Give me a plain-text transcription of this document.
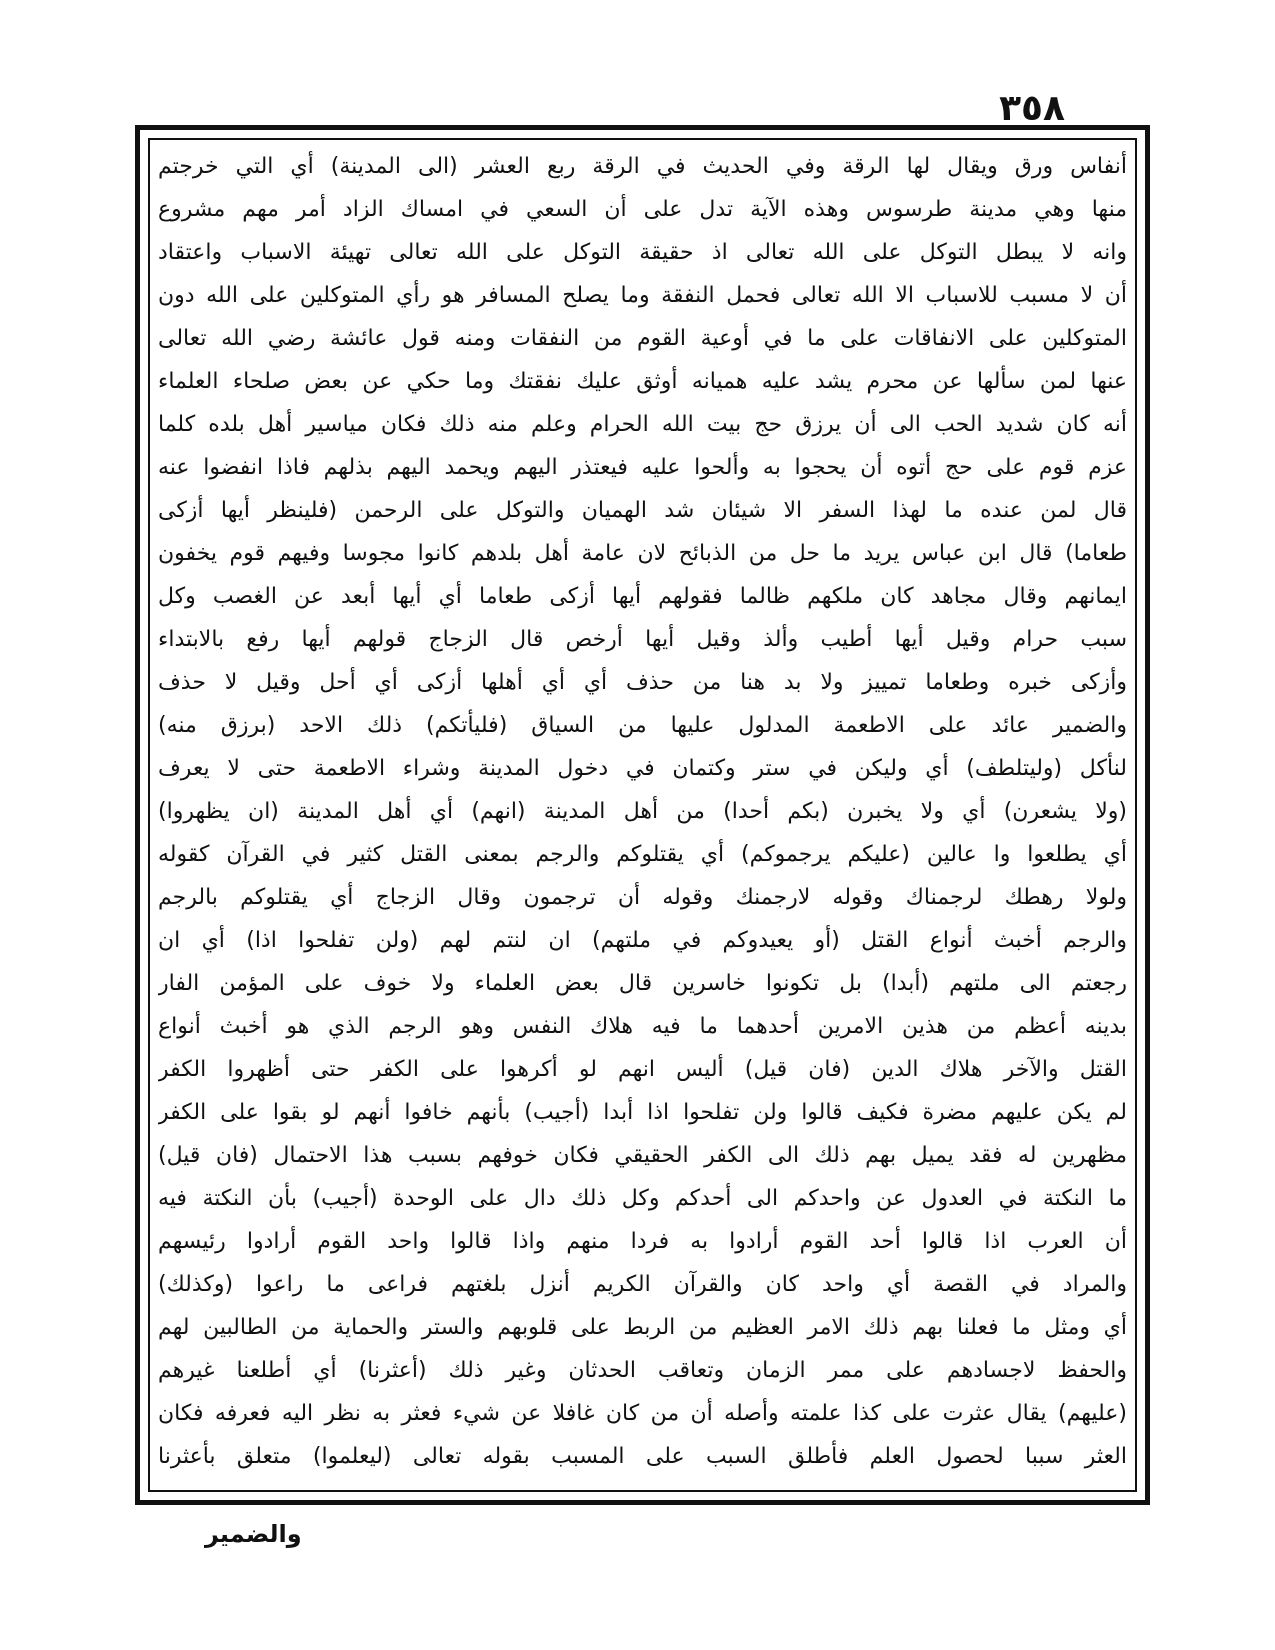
٣٥٨
أنفاس ورق ويقال لها الرقة وفي الحديث في الرقة ربع العشر (الى المدينة) أي التي خرجتم
منها وهي مدينة طرسوس وهذه الآية تدل على أن السعي في امساك الزاد أمر مهم مشروع
وانه لا يبطل التوكل على الله تعالى اذ حقيقة التوكل على الله تعالى تهيئة الاسباب واعتقاد
أن لا مسبب للاسباب الا الله تعالى فحمل النفقة وما يصلح المسافر هو رأي المتوكلين على الله دون
المتوكلين على الانفاقات على ما في أوعية القوم من النفقات ومنه قول عائشة رضي الله تعالى
عنها لمن سألها عن محرم يشد عليه هميانه أوثق عليك نفقتك وما حكي عن بعض صلحاء العلماء
أنه كان شديد الحب الى أن يرزق حج بيت الله الحرام وعلم منه ذلك فكان مياسير أهل بلده كلما
عزم قوم على حج أتوه أن يحجوا به وألحوا عليه فيعتذر اليهم ويحمد اليهم بذلهم فاذا انفضوا عنه
قال لمن عنده ما لهذا السفر الا شيئان شد الهميان والتوكل على الرحمن (فلينظر أيها أزكى
طعاما) قال ابن عباس يريد ما حل من الذبائح لان عامة أهل بلدهم كانوا مجوسا وفيهم قوم يخفون
ايمانهم وقال مجاهد كان ملكهم ظالما فقولهم أيها أزكى طعاما أي أيها أبعد عن الغصب وكل
سبب حرام وقيل أيها أطيب وألذ وقيل أيها أرخص قال الزجاج قولهم أيها رفع بالابتداء
وأزكى خبره وطعاما تمييز ولا بد هنا من حذف أي أي أهلها أزكى أي أحل وقيل لا حذف
والضمير عائد على الاطعمة المدلول عليها من السياق (فليأتكم) ذلك الاحد (برزق منه)
لنأكل (وليتلطف) أي وليكن في ستر وكتمان في دخول المدينة وشراء الاطعمة حتى لا يعرف
(ولا يشعرن) أي ولا يخبرن (بكم أحدا) من أهل المدينة (انهم) أي أهل المدينة (ان يظهروا)
أي يطلعوا وا عالين (عليكم يرجموكم) أي يقتلوكم والرجم بمعنى القتل كثير في القرآن كقوله
ولولا رهطك لرجمناك وقوله لارجمنك وقوله أن ترجمون وقال الزجاج أي يقتلوكم بالرجم
والرجم أخبث أنواع القتل (أو يعيدوكم في ملتهم) ان لنتم لهم (ولن تفلحوا اذا) أي ان
رجعتم الى ملتهم (أبدا) بل تكونوا خاسرين قال بعض العلماء ولا خوف على المؤمن الفار
بدينه أعظم من هذين الامرين أحدهما ما فيه هلاك النفس وهو الرجم الذي هو أخبث أنواع
القتل والآخر هلاك الدين (فان قيل) أليس انهم لو أكرهوا على الكفر حتى أظهروا الكفر
لم يكن عليهم مضرة فكيف قالوا ولن تفلحوا اذا أبدا (أجيب) بأنهم خافوا أنهم لو بقوا على الكفر
مظهرين له فقد يميل بهم ذلك الى الكفر الحقيقي فكان خوفهم بسبب هذا الاحتمال (فان قيل)
ما النكتة في العدول عن واحدكم الى أحدكم وكل ذلك دال على الوحدة (أجيب) بأن النكتة فيه
أن العرب اذا قالوا أحد القوم أرادوا به فردا منهم واذا قالوا واحد القوم أرادوا رئيسهم
والمراد في القصة أي واحد كان والقرآن الكريم أنزل بلغتهم فراعى ما راعوا (وكذلك)
أي ومثل ما فعلنا بهم ذلك الامر العظيم من الربط على قلوبهم والستر والحماية من الطالبين لهم
والحفظ لاجسادهم على ممر الزمان وتعاقب الحدثان وغير ذلك (أعثرنا) أي أطلعنا غيرهم
(عليهم) يقال عثرت على كذا علمته وأصله أن من كان غافلا عن شيء فعثر به نظر اليه فعرفه فكان
العثر سببا لحصول العلم فأطلق السبب على المسبب بقوله تعالى (ليعلموا) متعلق بأعثرنا
والضمير
